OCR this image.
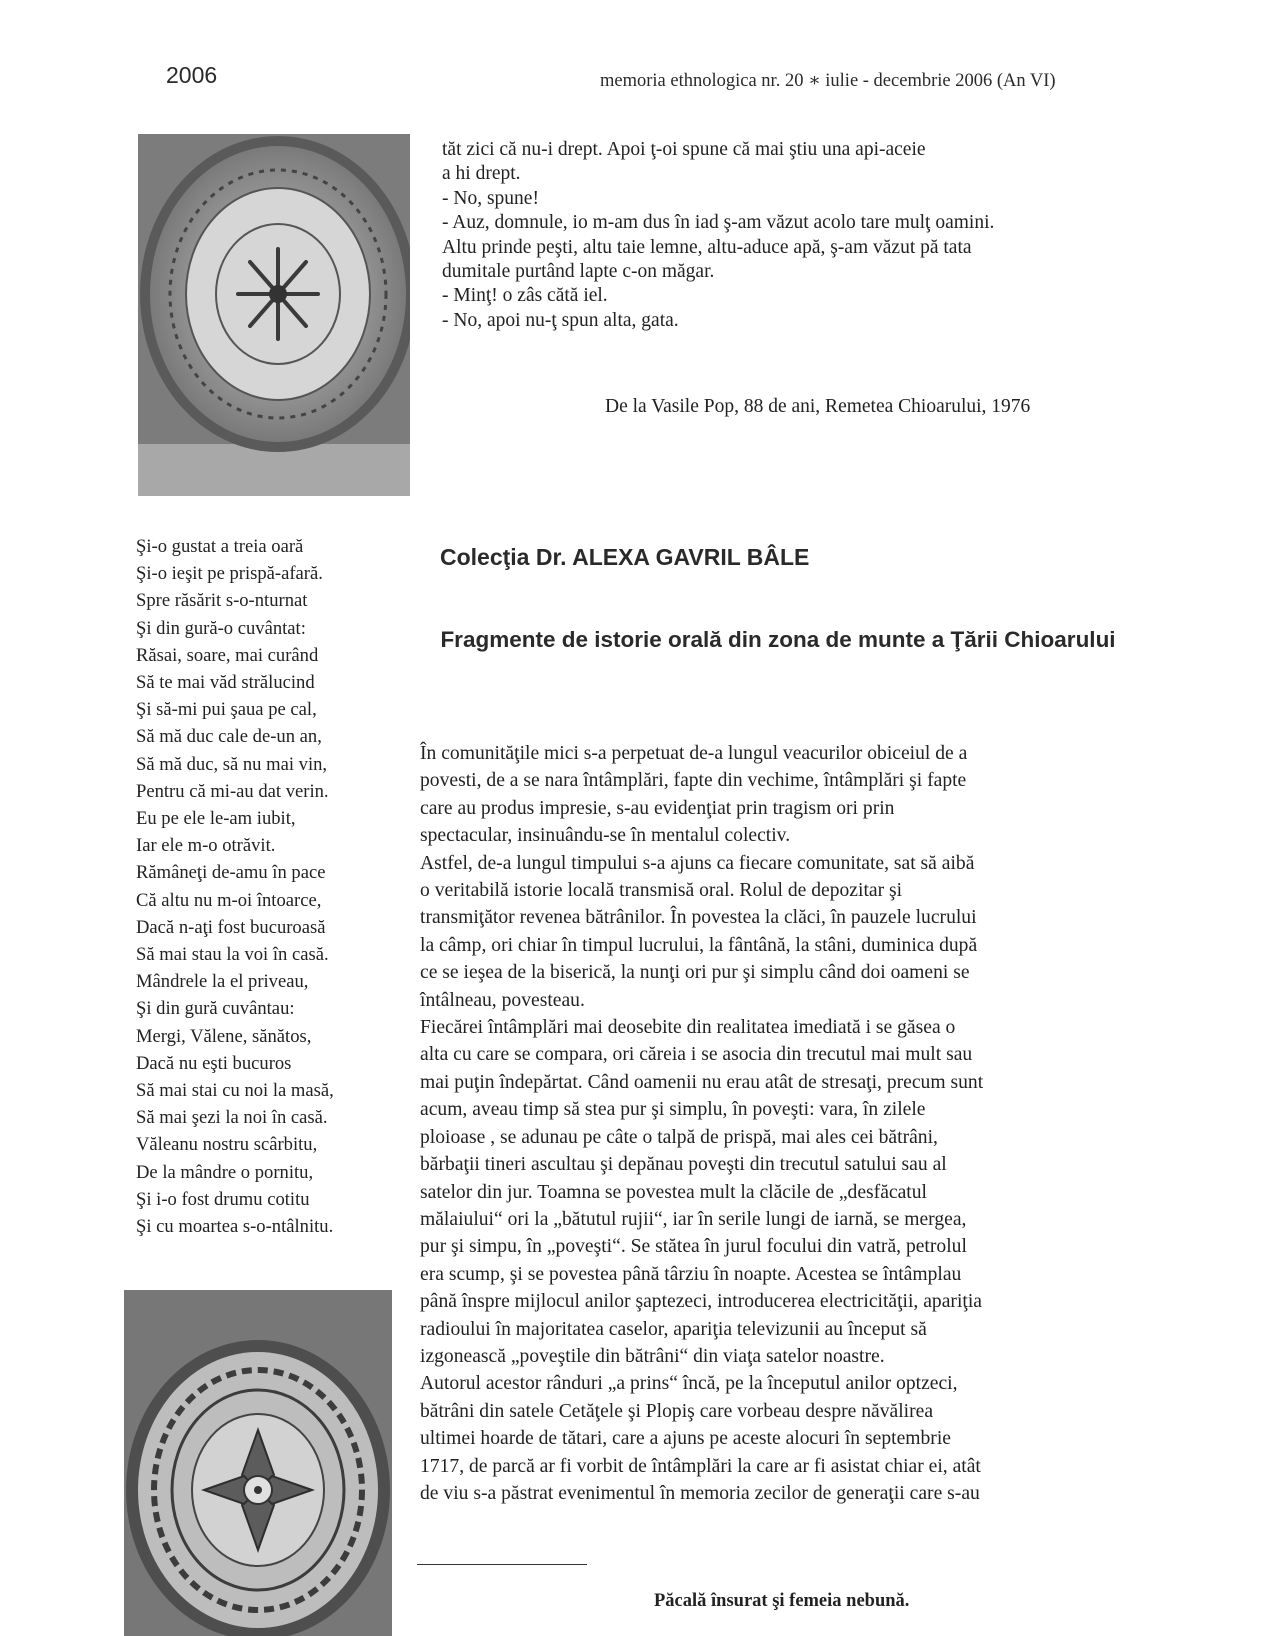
2006	memoria ethnologica nr. 20 ∗ iulie - decembrie 2006 (An VI)
tăt zici că nu-i drept. Apoi ţ-oi spune că mai ştiu una api-aceie
a hi drept.
- No, spune!
- Auz, domnule, io m-am dus în iad ş-am văzut acolo tare mulţ oamini.
Altu prinde peşti, altu taie lemne, altu-aduce apă, ş-am văzut pă tata
dumitale purtând lapte c-on măgar.
- Minţ! o zâs cătă iel.
- No, apoi nu-ţ spun alta, gata.
De la Vasile Pop, 88 de ani, Remetea Chioarului, 1976
Şi-o gustat a treia oară
Şi-o ieşit pe prispă-afară.
Spre răsărit s-o-nturnat
Şi din gură-o cuvântat:
Răsai, soare, mai curând
Să te mai văd strălucind
Şi să-mi pui şaua pe cal,
Să mă duc cale de-un an,
Să mă duc, să nu mai vin,
Pentru că mi-au dat verin.
Eu pe ele le-am iubit,
Iar ele m-o otrăvit.
Rămâneţi de-amu în pace
Că altu nu m-oi întoarce,
Dacă n-aţi fost bucuroasă
Să mai stau la voi în casă.
Mândrele la el priveau,
Şi din gură cuvântau:
Mergi, Vălene, sănătos,
Dacă nu eşti bucuros
Să mai stai cu noi la masă,
Să mai şezi la noi în casă.
Văleanu nostru scârbitu,
De la mândre o pornitu,
Şi i-o fost drumu cotitu
Şi cu moartea s-o-ntâlnitu.
Colecţia Dr. ALEXA GAVRIL BÂLE
Fragmente de istorie orală din zona de munte a Ţării Chioarului
În comunităţile mici s-a perpetuat de-a lungul veacurilor obiceiul de a
povesti, de a se nara întâmplări, fapte din vechime, întâmplări şi fapte
care au produs impresie, s-au evidenţiat prin tragism ori prin
spectacular, insinuându-se în mentalul colectiv.
Astfel, de-a lungul timpului s-a ajuns ca fiecare comunitate, sat să aibă
o veritabilă istorie locală transmisă oral. Rolul de depozitar şi
transmiţător revenea bătrânilor. În povestea la clăci, în pauzele lucrului
la câmp, ori chiar în timpul lucrului, la fântână, la stâni, duminica după
ce se ieşea de la biserică, la nunţi ori pur şi simplu când doi oameni se
întâlneau, povesteau.
Fiecărei întâmplări mai deosebite din realitatea imediată i se găsea o
alta cu care se compara, ori căreia i se asocia din trecutul mai mult sau
mai puţin îndepărtat. Când oamenii nu erau atât de stresaţi, precum sunt
acum, aveau timp să stea pur şi simplu, în poveşti: vara, în zilele
ploioase , se adunau pe câte o talpă de prispă, mai ales cei bătrâni,
bărbaţii tineri ascultau şi depănau poveşti din trecutul satului sau al
satelor din jur. Toamna se povestea mult la clăcile de „desfăcatul
mălaiului“ ori la „bătutul rujii“, iar în serile lungi de iarnă, se mergea,
pur şi simpu, în „poveşti“. Se stătea în jurul focului din vatră, petrolul
era scump, şi se povestea până târziu în noapte. Acestea se întâmplau
până înspre mijlocul anilor şaptezeci, introducerea electricităţii, apariţia
radioului în majoritatea caselor, apariţia televizunii au început să
izgonească „poveştile din bătrâni“ din viaţa satelor noastre.
Autorul acestor rânduri „a prins“ încă, pe la începutul anilor optzeci,
bătrâni din satele Cetăţele şi Plopiş care vorbeau despre năvălirea
ultimei hoarde de tătari, care a ajuns pe aceste alocuri în septembrie
1717, de parcă ar fi vorbit de întâmplări la care ar fi asistat chiar ei, atât
de viu s-a păstrat evenimentul în memoria zecilor de generaţii care s-au
Păcală însurat şi femeia nebună.
